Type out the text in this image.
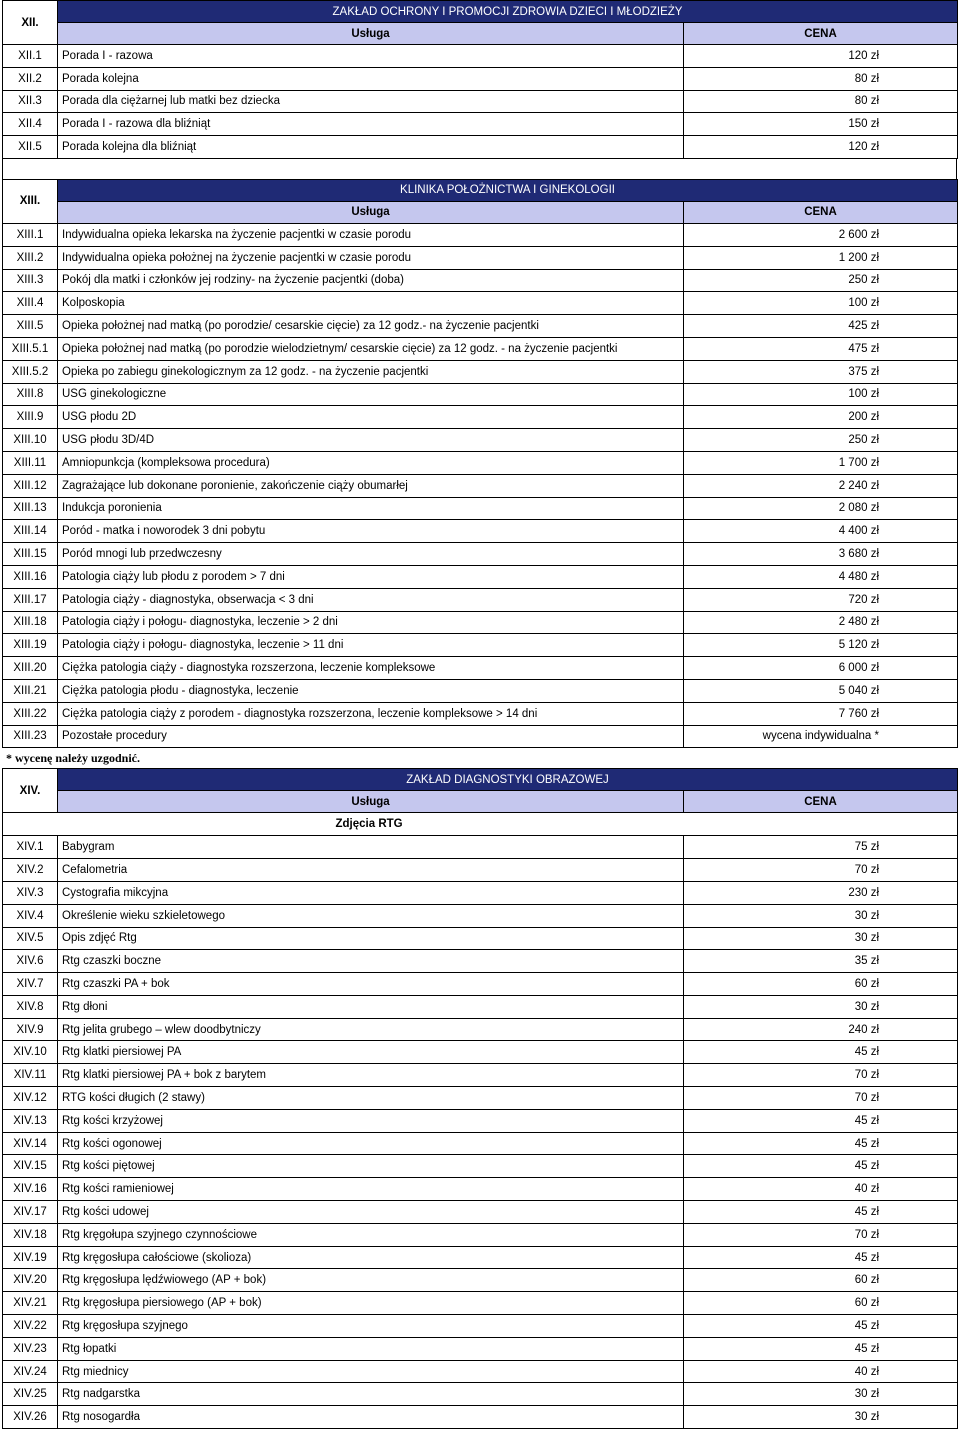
XII.	ZAKŁAD OCHRONY I PROMOCJI ZDROWIA DZIECI I MŁODZIEŻY	
	Usługa	CENA
XII.1	Porada I - razowa	120 zł
XII.2	Porada kolejna	80 zł
XII.3	Porada dla ciężarnej lub matki bez dziecka	80 zł
XII.4	Porada I - razowa dla bliźniąt	150 zł
XII.5	Porada kolejna dla bliźniąt	120 zł
XIII.	KLINIKA POŁOŻNICTWA I GINEKOLOGII	
	Usługa	CENA
XIII.1	Indywidualna opieka lekarska na życzenie pacjentki w czasie porodu	2 600 zł
XIII.2	Indywidualna opieka położnej na życzenie pacjentki w czasie porodu	1 200 zł
XIII.3	Pokój dla matki i członków jej rodziny- na życzenie pacjentki (doba)	250 zł
XIII.4	Kolposkopia	100 zł
XIII.5	Opieka położnej nad matką (po porodzie/ cesarskie cięcie) za 12 godz.- na życzenie pacjentki	425 zł
XIII.5.1	Opieka położnej nad matką (po porodzie wielodzietnym/ cesarskie cięcie) za 12 godz. - na życzenie pacjentki	475 zł
XIII.5.2	Opieka po zabiegu ginekologicznym za 12 godz. - na życzenie pacjentki	375 zł
XIII.8	USG ginekologiczne	100 zł
XIII.9	USG płodu 2D	200 zł
XIII.10	USG płodu 3D/4D	250 zł
XIII.11	Amniopunkcja (kompleksowa procedura)	1 700 zł
XIII.12	Zagrażające lub dokonane poronienie, zakończenie ciąży obumarłej	2 240 zł
XIII.13	Indukcja poronienia	2 080 zł
XIII.14	Poród - matka i noworodek 3 dni pobytu	4 400 zł
XIII.15	Poród mnogi lub przedwczesny	3 680 zł
XIII.16	Patologia ciąży lub płodu z porodem > 7 dni	4 480 zł
XIII.17	Patologia ciąży - diagnostyka, obserwacja < 3 dni	720 zł
XIII.18	Patologia ciąży i połogu- diagnostyka, leczenie > 2 dni	2 480 zł
XIII.19	Patologia ciąży i połogu- diagnostyka, leczenie > 11 dni	5 120 zł
XIII.20	Ciężka patologia ciąży - diagnostyka rozszerzona, leczenie kompleksowe	6 000 zł
XIII.21	Ciężka patologia płodu - diagnostyka, leczenie	5 040 zł
XIII.22	Ciężka patologia ciąży z porodem - diagnostyka rozszerzona, leczenie kompleksowe > 14 dni	7 760 zł
XIII.23	Pozostałe procedury	wycena indywidualna *
* wycenę należy uzgodnić.
XIV.	ZAKŁAD DIAGNOSTYKI OBRAZOWEJ	
	Usługa	CENA
	Zdjęcia RTG	
XIV.1	Babygram	75 zł
XIV.2	Cefalometria	70 zł
XIV.3	Cystografia mikcyjna	230 zł
XIV.4	Określenie wieku szkieletowego	30 zł
XIV.5	Opis zdjęć Rtg	30 zł
XIV.6	Rtg czaszki boczne	35 zł
XIV.7	Rtg czaszki PA + bok	60 zł
XIV.8	Rtg dłoni	30 zł
XIV.9	Rtg jelita grubego – wlew doodbytniczy	240 zł
XIV.10	Rtg klatki piersiowej PA	45 zł
XIV.11	Rtg klatki piersiowej PA + bok z barytem	70 zł
XIV.12	RTG kości długich (2 stawy)	70 zł
XIV.13	Rtg kości krzyżowej	45 zł
XIV.14	Rtg kości ogonowej	45 zł
XIV.15	Rtg kości piętowej	45 zł
XIV.16	Rtg kości ramieniowej	40 zł
XIV.17	Rtg kości udowej	45 zł
XIV.18	Rtg kręgołupa szyjnego czynnościowe	70 zł
XIV.19	Rtg kręgosłupa całościowe (skolioza)	45 zł
XIV.20	Rtg kręgosłupa lędźwiowego (AP + bok)	60 zł
XIV.21	Rtg kręgosłupa piersiowego (AP + bok)	60 zł
XIV.22	Rtg kręgosłupa szyjnego	45 zł
XIV.23	Rtg łopatki	45 zł
XIV.24	Rtg miednicy	40 zł
XIV.25	Rtg nadgarstka	30 zł
XIV.26	Rtg nosogardła	30 zł
